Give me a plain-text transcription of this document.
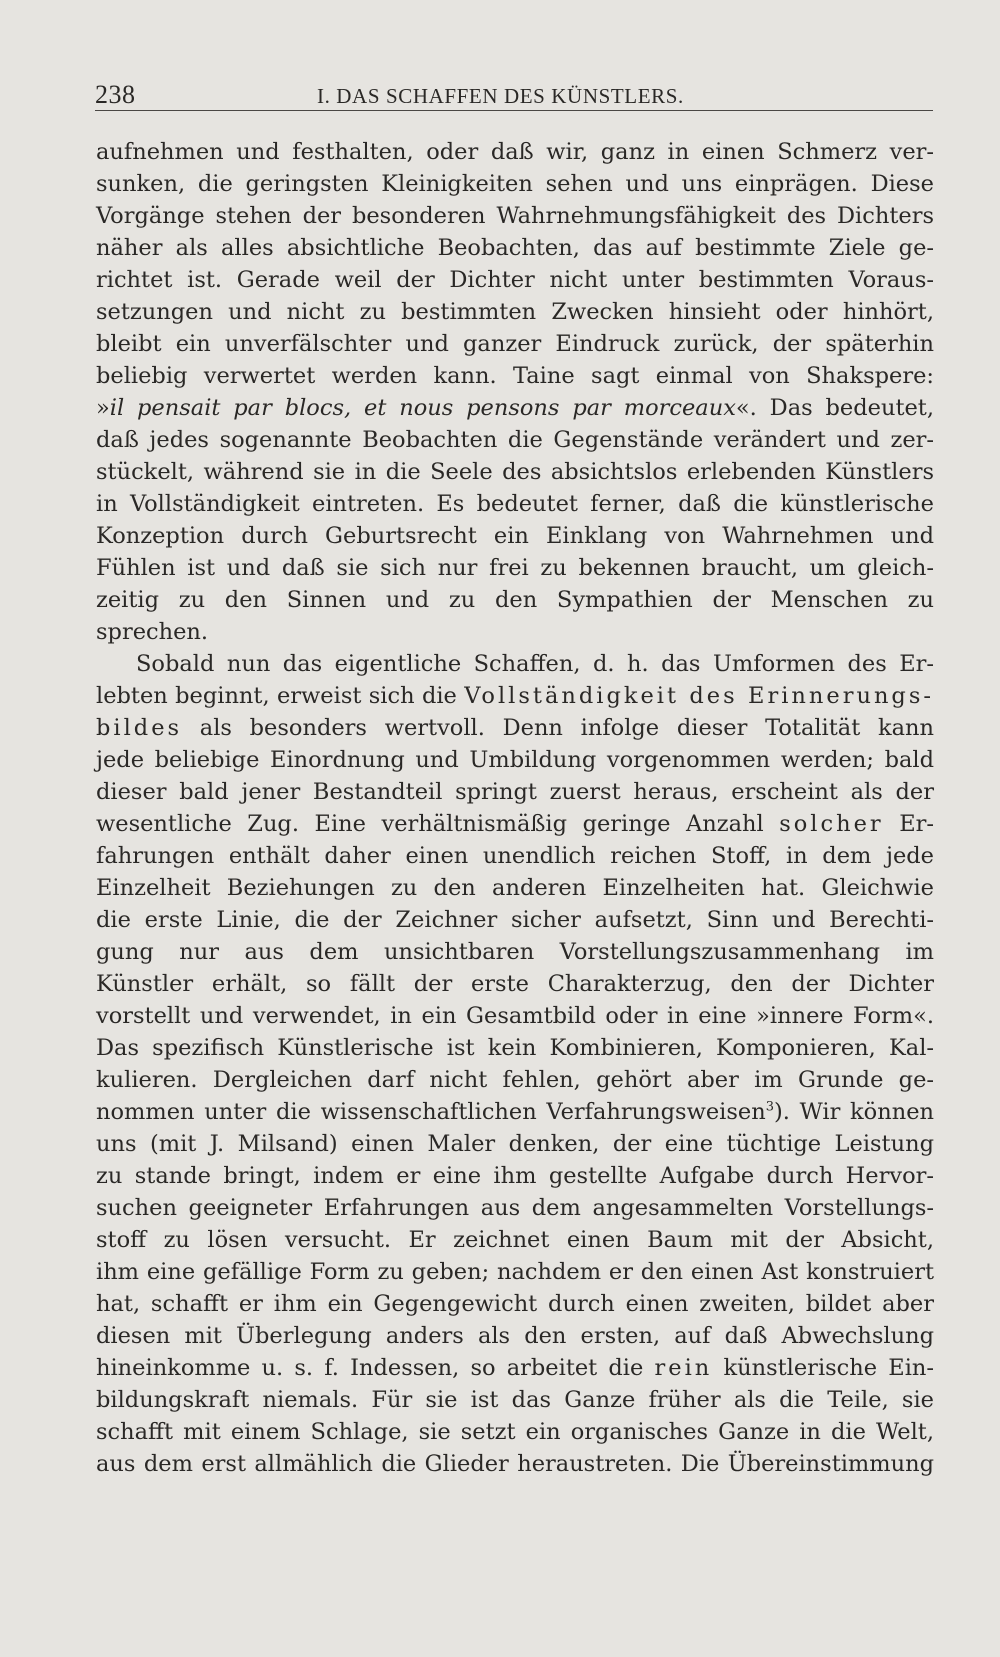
238	I. DAS SCHAFFEN DES KÜNSTLERS.
aufnehmen und festhalten, oder daß wir, ganz in einen Schmerz ver-
sunken, die geringsten Kleinigkeiten sehen und uns einprägen. Diese
Vorgänge stehen der besonderen Wahrnehmungsfähigkeit des Dichters
näher als alles absichtliche Beobachten, das auf bestimmte Ziele ge-
richtet ist. Gerade weil der Dichter nicht unter bestimmten Voraus-
setzungen und nicht zu bestimmten Zwecken hinsieht oder hinhört,
bleibt ein unverfälschter und ganzer Eindruck zurück, der späterhin
beliebig verwertet werden kann. Taine sagt einmal von Shakspere:
»il pensait par blocs, et nous pensons par morceaux«. Das bedeutet,
daß jedes sogenannte Beobachten die Gegenstände verändert und zer-
stückelt, während sie in die Seele des absichtslos erlebenden Künstlers
in Vollständigkeit eintreten. Es bedeutet ferner, daß die künstlerische
Konzeption durch Geburtsrecht ein Einklang von Wahrnehmen und
Fühlen ist und daß sie sich nur frei zu bekennen braucht, um gleich-
zeitig zu den Sinnen und zu den Sympathien der Menschen zu
sprechen.
Sobald nun das eigentliche Schaffen, d. h. das Umformen des Er-
lebten beginnt, erweist sich die Vollständigkeit des Erinnerungs-
bildes als besonders wertvoll. Denn infolge dieser Totalität kann
jede beliebige Einordnung und Umbildung vorgenommen werden; bald
dieser bald jener Bestandteil springt zuerst heraus, erscheint als der
wesentliche Zug. Eine verhältnismäßig geringe Anzahl solcher Er-
fahrungen enthält daher einen unendlich reichen Stoff, in dem jede
Einzelheit Beziehungen zu den anderen Einzelheiten hat. Gleichwie
die erste Linie, die der Zeichner sicher aufsetzt, Sinn und Berechti-
gung nur aus dem unsichtbaren Vorstellungszusammenhang im
Künstler erhält, so fällt der erste Charakterzug, den der Dichter
vorstellt und verwendet, in ein Gesamtbild oder in eine »innere Form«.
Das spezifisch Künstlerische ist kein Kombinieren, Komponieren, Kal-
kulieren. Dergleichen darf nicht fehlen, gehört aber im Grunde ge-
nommen unter die wissenschaftlichen Verfahrungsweisen$^3$). Wir können
uns (mit J. Milsand) einen Maler denken, der eine tüchtige Leistung
zu stande bringt, indem er eine ihm gestellte Aufgabe durch Hervor-
suchen geeigneter Erfahrungen aus dem angesammelten Vorstellungs-
stoff zu lösen versucht. Er zeichnet einen Baum mit der Absicht,
ihm eine gefällige Form zu geben; nachdem er den einen Ast konstruiert
hat, schafft er ihm ein Gegengewicht durch einen zweiten, bildet aber
diesen mit Überlegung anders als den ersten, auf daß Abwechslung
hineinkomme u. s. f. Indessen, so arbeitet die rein künstlerische Ein-
bildungskraft niemals. Für sie ist das Ganze früher als die Teile, sie
schafft mit einem Schlage, sie setzt ein organisches Ganze in die Welt,
aus dem erst allmählich die Glieder heraustreten. Die Übereinstimmung
